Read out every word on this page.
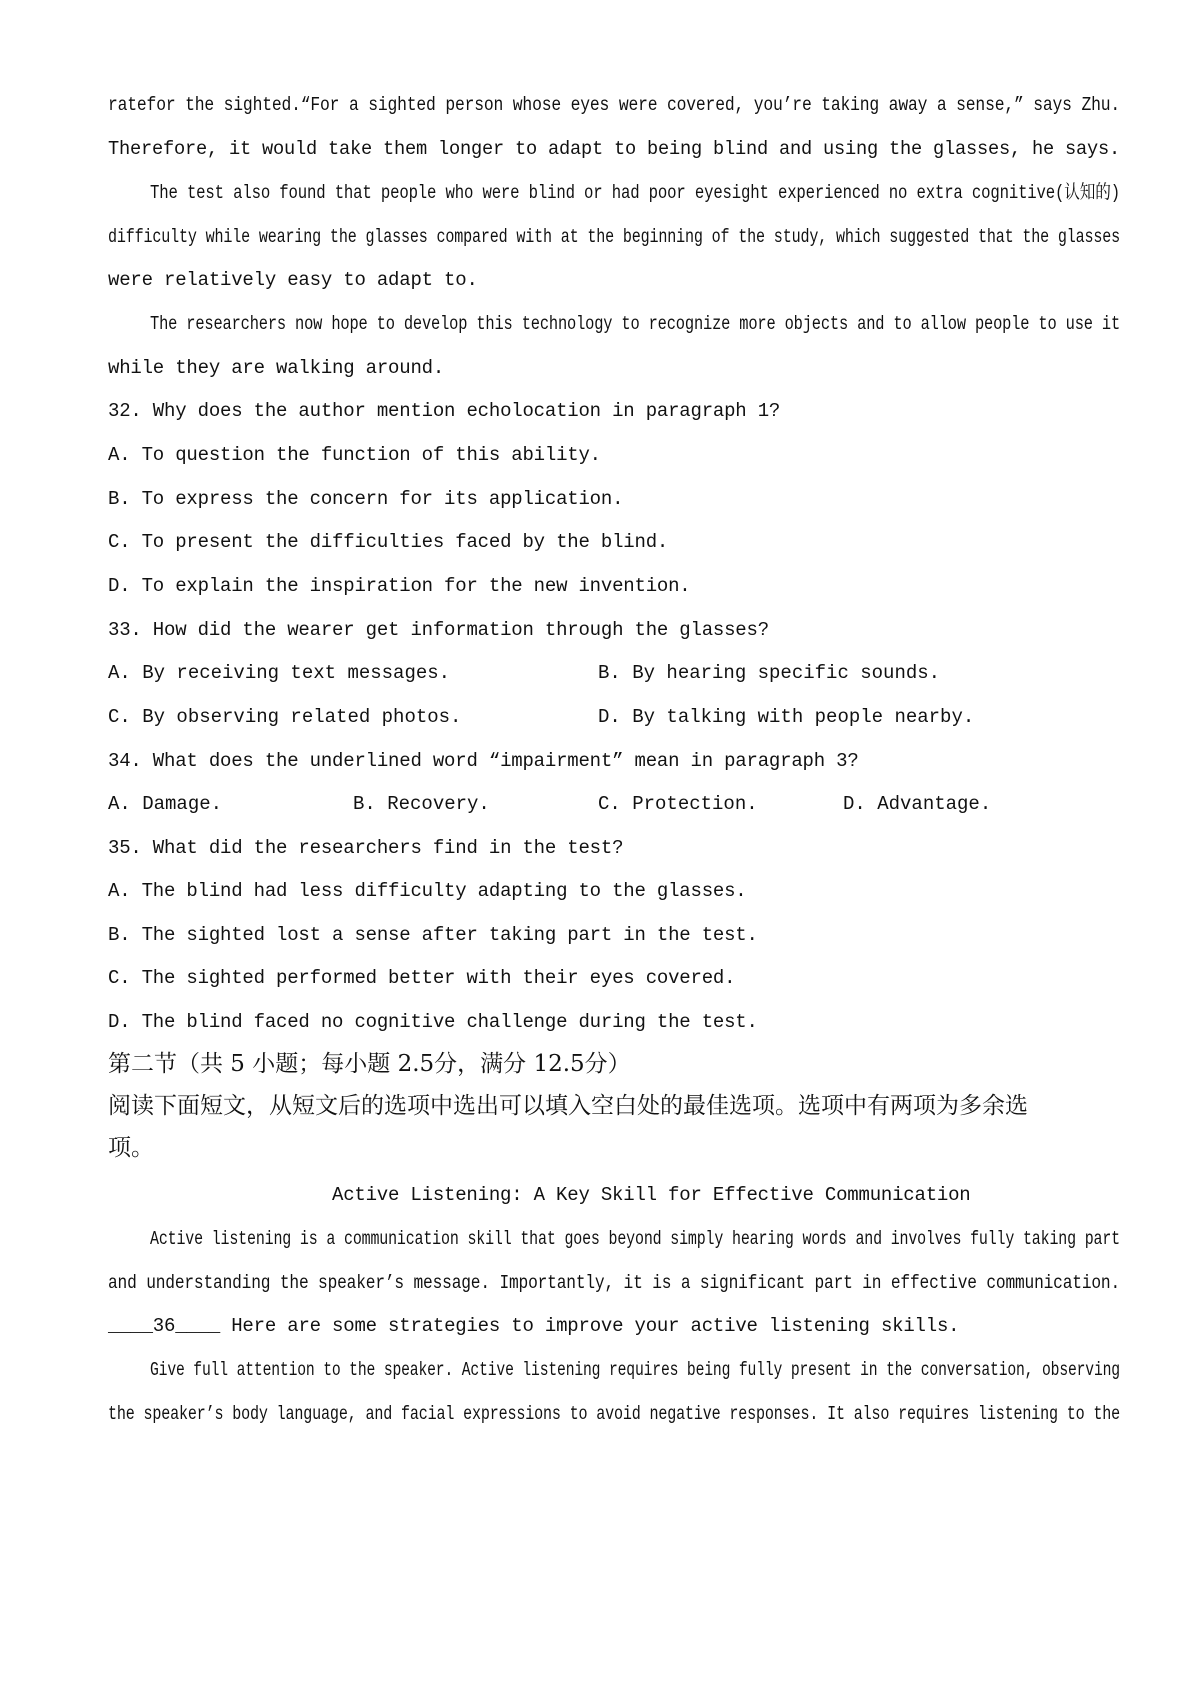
ratefor the sighted.“For a sighted person whose eyes were covered, you’re taking away a sense,” says Zhu.
Therefore, it would take them longer to adapt to being blind and using the glasses, he says.
The test also found that people who were blind or had poor eyesight experienced no extra cognitive(认知的)
difficulty while wearing the glasses compared with at the beginning of the study, which suggested that the glasses
were relatively easy to adapt to.
The researchers now hope to develop this technology to recognize more objects and to allow people to use it
while they are walking around.
32. Why does the author mention echolocation in paragraph 1?
A. To question the function of this ability.
B. To express the concern for its application.
C. To present the difficulties faced by the blind.
D. To explain the inspiration for the new invention.
33. How did the wearer get information through the glasses?
A. By receiving text messages.	B. By hearing specific sounds.
C. By observing related photos.	D. By talking with people nearby.
34. What does the underlined word “impairment” mean in paragraph 3?
A. Damage.	B. Recovery.	C. Protection.	D. Advantage.
35. What did the researchers find in the test?
A. The blind had less difficulty adapting to the glasses.
B. The sighted lost a sense after taking part in the test.
C. The sighted performed better with their eyes covered.
D. The blind faced no cognitive challenge during the test.
第二节（共 5 小题；每小题 2.5分，满分 12.5分）
阅读下面短文，从短文后的选项中选出可以填入空白处的最佳选项。选项中有两项为多余选
项。
Active Listening: A Key Skill for Effective Communication
Active listening is a communication skill that goes beyond simply hearing words and involves fully taking part
and understanding the speaker’s message. Importantly, it is a significant part in effective communication.
____36____ Here are some strategies to improve your active listening skills.
Give full attention to the speaker. Active listening requires being fully present in the conversation, observing
the speaker’s body language, and facial expressions to avoid negative responses. It also requires listening to the
